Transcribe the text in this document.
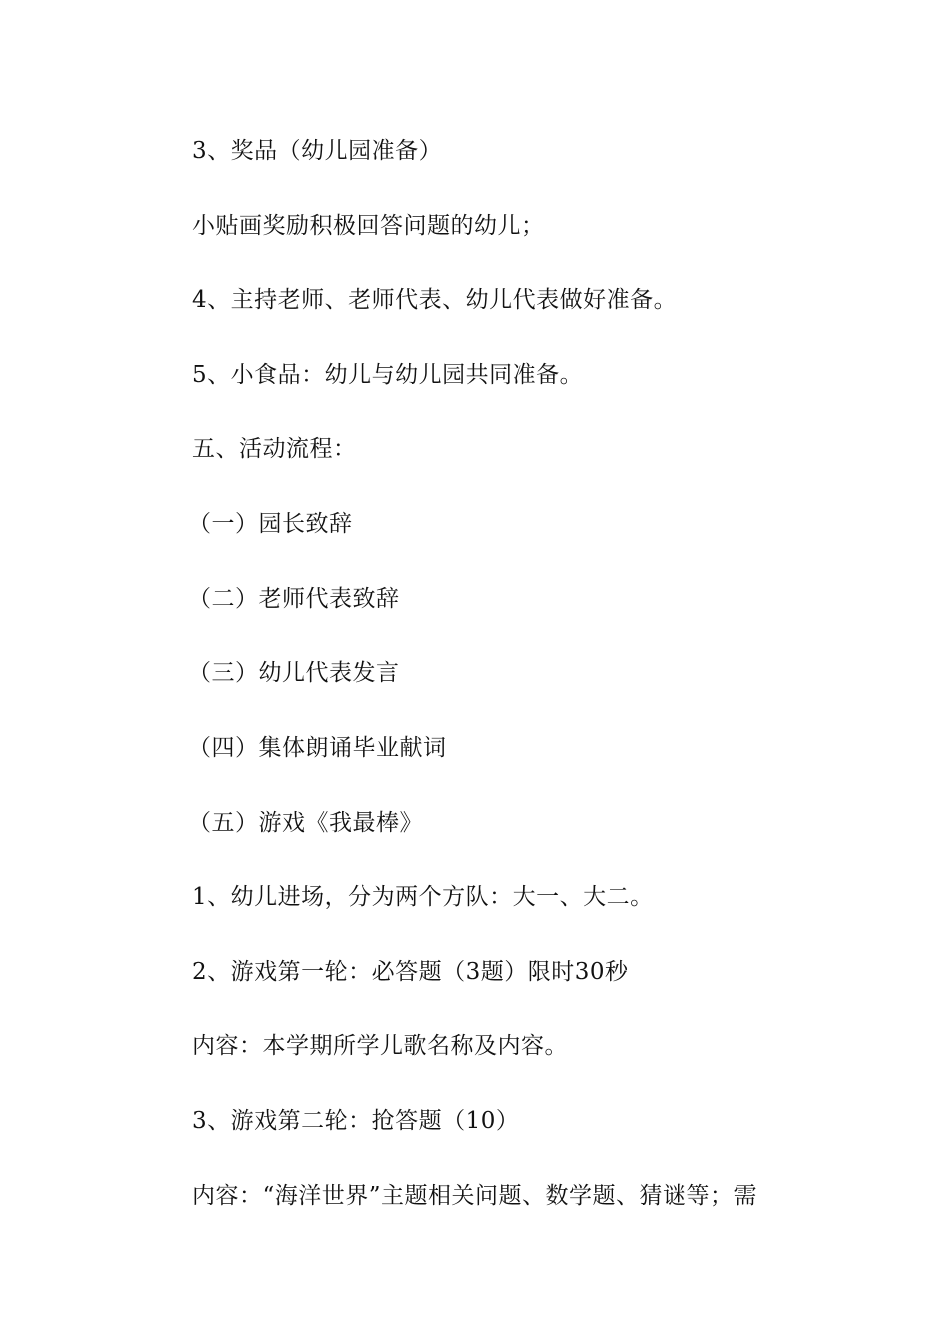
3、奖品（幼儿园准备）
小贴画奖励积极回答问题的幼儿；
4、主持老师、老师代表、幼儿代表做好准备。
5、小食品：幼儿与幼儿园共同准备。
五、活动流程：
（一）园长致辞
（二）老师代表致辞
（三）幼儿代表发言
（四）集体朗诵毕业献词
（五）游戏《我最棒》
1、幼儿进场，分为两个方队：大一、大二。
2、游戏第一轮：必答题（3题）限时30秒
内容：本学期所学儿歌名称及内容。
3、游戏第二轮：抢答题（10）
内容：“海洋世界”主题相关问题、数学题、猜谜等；需
